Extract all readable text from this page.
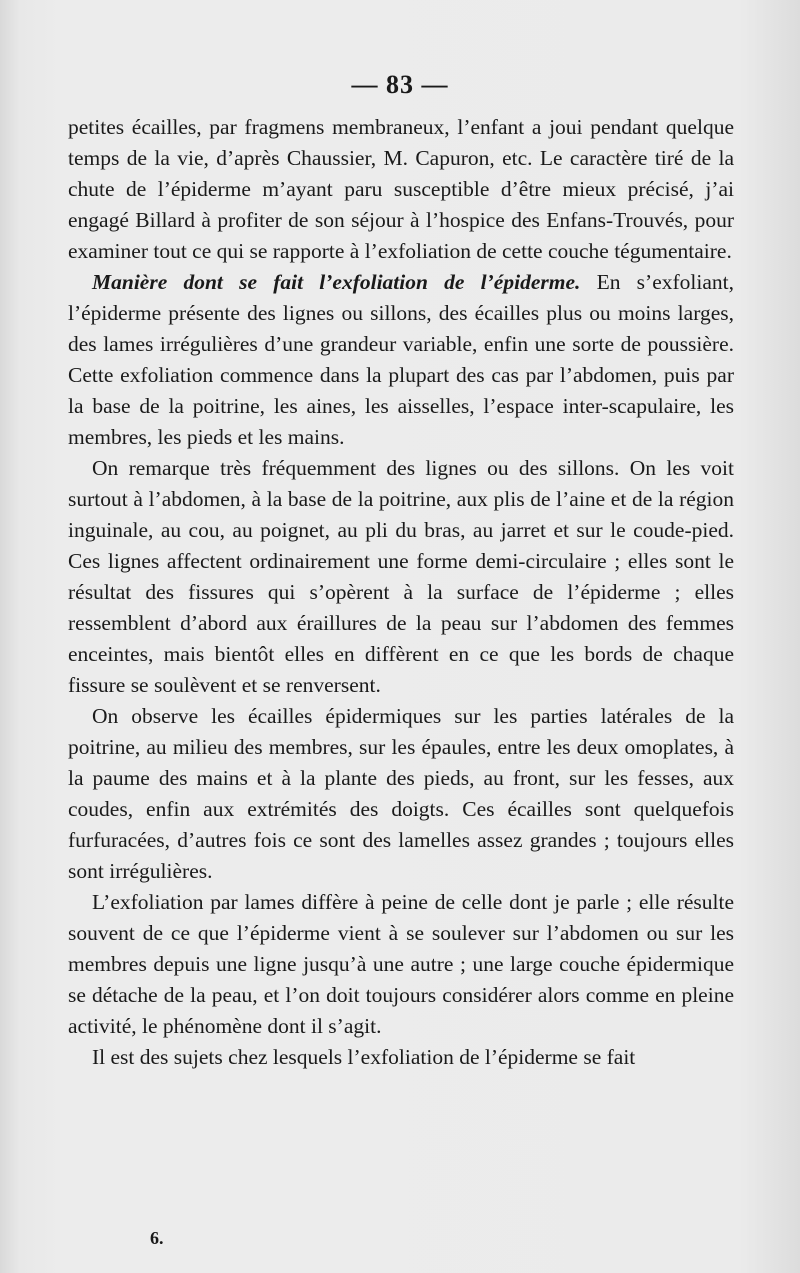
— 83 —

petites écailles, par fragmens membraneux, l’enfant a joui pendant quelque temps de la vie, d’après Chaussier, M. Capuron, etc. Le caractère tiré de la chute de l’épiderme m’ayant paru susceptible d’être mieux précisé, j’ai engagé Billard à profiter de son séjour à l’hospice des Enfans-Trouvés, pour examiner tout ce qui se rapporte à l’exfoliation de cette couche tégumentaire.

Manière dont se fait l’exfoliation de l’épiderme. En s’exfoliant, l’épiderme présente des lignes ou sillons, des écailles plus ou moins larges, des lames irrégulières d’une grandeur variable, enfin une sorte de poussière. Cette exfoliation commence dans la plupart des cas par l’abdomen, puis par la base de la poitrine, les aines, les aisselles, l’espace inter-scapulaire, les membres, les pieds et les mains.

On remarque très fréquemment des lignes ou des sillons. On les voit surtout à l’abdomen, à la base de la poitrine, aux plis de l’aine et de la région inguinale, au cou, au poignet, au pli du bras, au jarret et sur le coude-pied. Ces lignes affectent ordinairement une forme demi-circulaire ; elles sont le résultat des fissures qui s’opèrent à la surface de l’épiderme ; elles ressemblent d’abord aux éraillures de la peau sur l’abdomen des femmes enceintes, mais bientôt elles en diffèrent en ce que les bords de chaque fissure se soulèvent et se renversent.

On observe les écailles épidermiques sur les parties latérales de la poitrine, au milieu des membres, sur les épaules, entre les deux omoplates, à la paume des mains et à la plante des pieds, au front, sur les fesses, aux coudes, enfin aux extrémités des doigts. Ces écailles sont quelquefois furfuracées, d’autres fois ce sont des lamelles assez grandes ; toujours elles sont irrégulières.

L’exfoliation par lames diffère à peine de celle dont je parle ; elle résulte souvent de ce que l’épiderme vient à se soulever sur l’abdomen ou sur les membres depuis une ligne jusqu’à une autre ; une large couche épidermique se détache de la peau, et l’on doit toujours considérer alors comme en pleine activité, le phénomène dont il s’agit.

Il est des sujets chez lesquels l’exfoliation de l’épiderme se fait

6.
